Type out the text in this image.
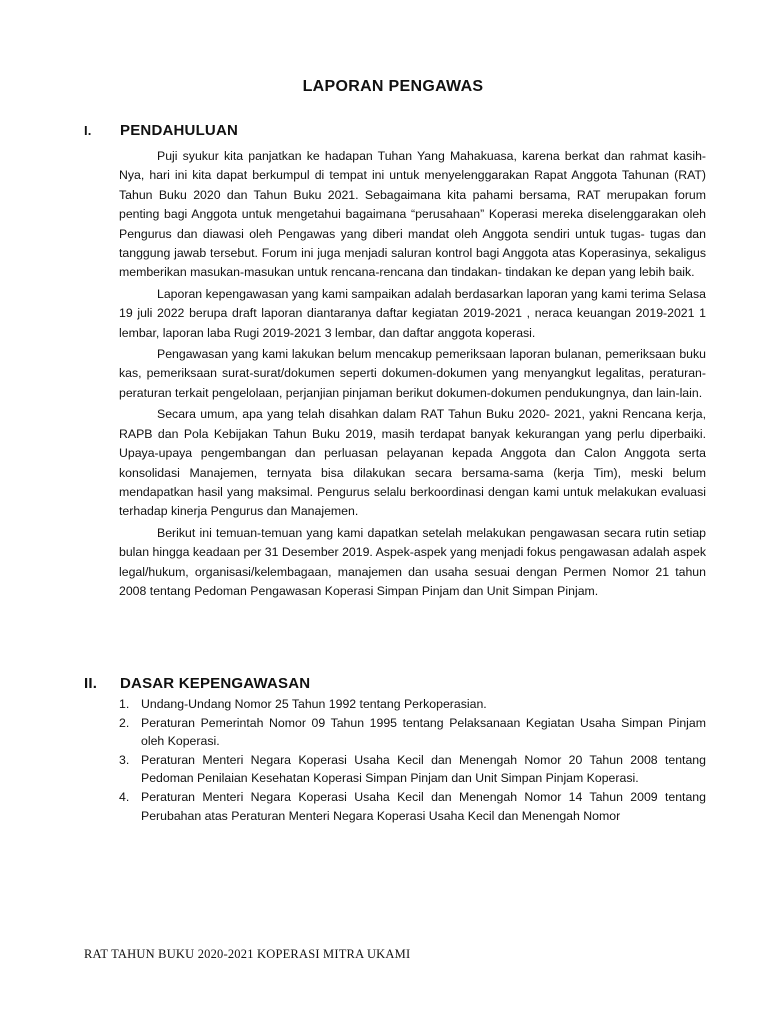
LAPORAN PENGAWAS
I. PENDAHULUAN

Puji syukur kita panjatkan ke hadapan Tuhan Yang Mahakuasa, karena berkat dan rahmat kasih-Nya, hari ini kita dapat berkumpul di tempat ini untuk menyelenggarakan Rapat Anggota Tahunan (RAT) Tahun Buku 2020 dan Tahun Buku 2021. Sebagaimana kita pahami bersama, RAT merupakan forum penting bagi Anggota untuk mengetahui bagaimana “perusahaan” Koperasi mereka diselenggarakan oleh Pengurus dan diawasi oleh Pengawas yang diberi mandat oleh Anggota sendiri untuk tugas- tugas dan tanggung jawab tersebut. Forum ini juga menjadi saluran kontrol bagi Anggota atas Koperasinya, sekaligus memberikan masukan-masukan untuk rencana-rencana dan tindakan- tindakan ke depan yang lebih baik.

Laporan kepengawasan yang kami sampaikan adalah berdasarkan laporan yang kami terima Selasa 19 juli 2022 berupa draft laporan diantaranya daftar kegiatan 2019-2021 , neraca keuangan 2019-2021 1 lembar, laporan laba Rugi 2019-2021 3 lembar, dan daftar anggota koperasi.

Pengawasan yang kami lakukan belum mencakup pemeriksaan laporan bulanan, pemeriksaan buku kas, pemeriksaan surat-surat/dokumen seperti dokumen-dokumen yang menyangkut legalitas, peraturan-peraturan terkait pengelolaan, perjanjian pinjaman berikut dokumen-dokumen pendukungnya, dan lain-lain.

Secara umum, apa yang telah disahkan dalam RAT Tahun Buku 2020- 2021, yakni Rencana kerja, RAPB dan Pola Kebijakan Tahun Buku 2019, masih terdapat banyak kekurangan yang perlu diperbaiki. Upaya-upaya pengembangan dan perluasan pelayanan kepada Anggota dan Calon Anggota serta konsolidasi Manajemen, ternyata bisa dilakukan secara bersama-sama (kerja Tim), meski belum mendapatkan hasil yang maksimal. Pengurus selalu berkoordinasi dengan kami untuk melakukan evaluasi terhadap kinerja Pengurus dan Manajemen.

Berikut ini temuan-temuan yang kami dapatkan setelah melakukan pengawasan secara rutin setiap bulan hingga keadaan per 31 Desember 2019. Aspek-aspek yang menjadi fokus pengawasan adalah aspek legal/hukum, organisasi/kelembagaan, manajemen dan usaha sesuai dengan Permen Nomor 21 tahun 2008 tentang Pedoman Pengawasan Koperasi Simpan Pinjam dan Unit Simpan Pinjam.

II. DASAR KEPENGAWASAN
1. Undang-Undang Nomor 25 Tahun 1992 tentang Perkoperasian.
2. Peraturan Pemerintah Nomor 09 Tahun 1995 tentang Pelaksanaan Kegiatan Usaha Simpan Pinjam oleh Koperasi.
3. Peraturan Menteri Negara Koperasi Usaha Kecil dan Menengah Nomor 20 Tahun 2008 tentang Pedoman Penilaian Kesehatan Koperasi Simpan Pinjam dan Unit Simpan Pinjam Koperasi.
4. Peraturan Menteri Negara Koperasi Usaha Kecil dan Menengah Nomor 14 Tahun 2009 tentang Perubahan atas Peraturan Menteri Negara Koperasi Usaha Kecil dan Menengah Nomor
RAT TAHUN BUKU 2020-2021 KOPERASI MITRA UKAMI
